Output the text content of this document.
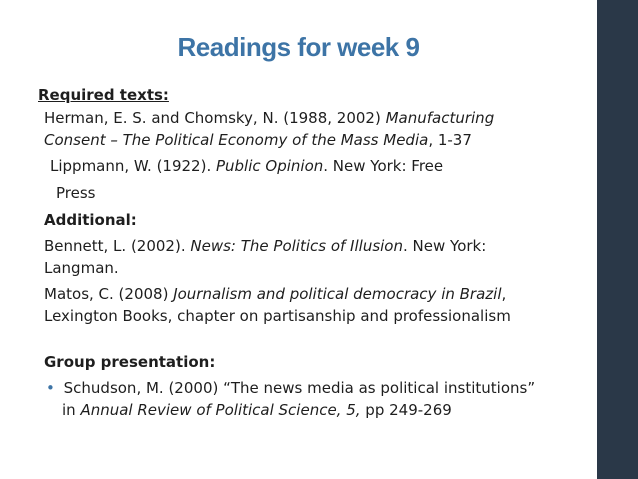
Readings for week 9
Required texts:
Herman, E. S. and Chomsky, N. (1988, 2002) Manufacturing
Consent – The Political Economy of the Mass Media, 1-37
Lippmann, W. (1922). Public Opinion. New York: Free
Press
Additional:
Bennett, L. (2002). News: The Politics of Illusion. New York:
Langman.
Matos, C. (2008) Journalism and political democracy in Brazil,
Lexington Books, chapter on partisanship and professionalism
Group presentation:
• Schudson, M. (2000) “The news media as political institutions”
in Annual Review of Political Science, 5, pp 249-269
